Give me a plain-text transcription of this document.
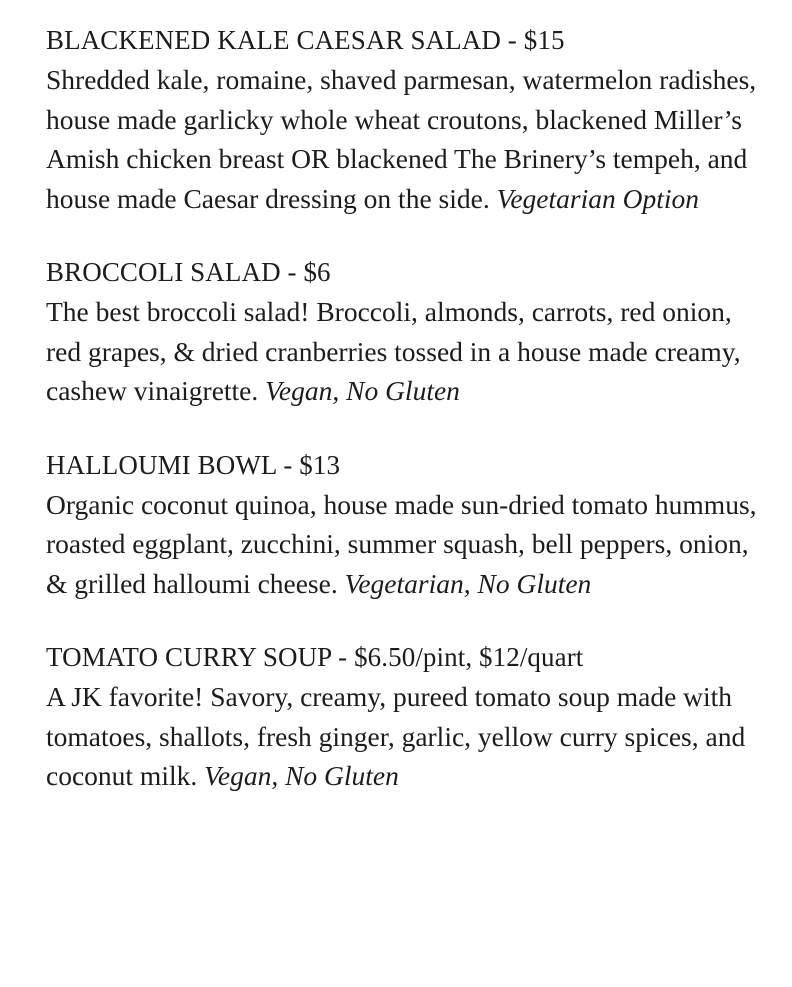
BLACKENED KALE CAESAR SALAD - $15

Shredded kale, romaine, shaved parmesan, watermelon radishes, house made garlicky whole wheat croutons, blackened Miller’s Amish chicken breast OR blackened The Brinery’s tempeh, and house made Caesar dressing on the side. Vegetarian Option

BROCCOLI SALAD - $6

The best broccoli salad! Broccoli, almonds, carrots, red onion, red grapes, & dried cranberries tossed in a house made creamy, cashew vinaigrette. Vegan, No Gluten

HALLOUMI BOWL - $13

Organic coconut quinoa, house made sun-dried tomato hummus, roasted eggplant, zucchini, summer squash, bell peppers, onion, & grilled halloumi cheese. Vegetarian, No Gluten

TOMATO CURRY SOUP - $6.50/pint, $12/quart

A JK favorite! Savory, creamy, pureed tomato soup made with tomatoes, shallots, fresh ginger, garlic, yellow curry spices, and coconut milk. Vegan, No Gluten
